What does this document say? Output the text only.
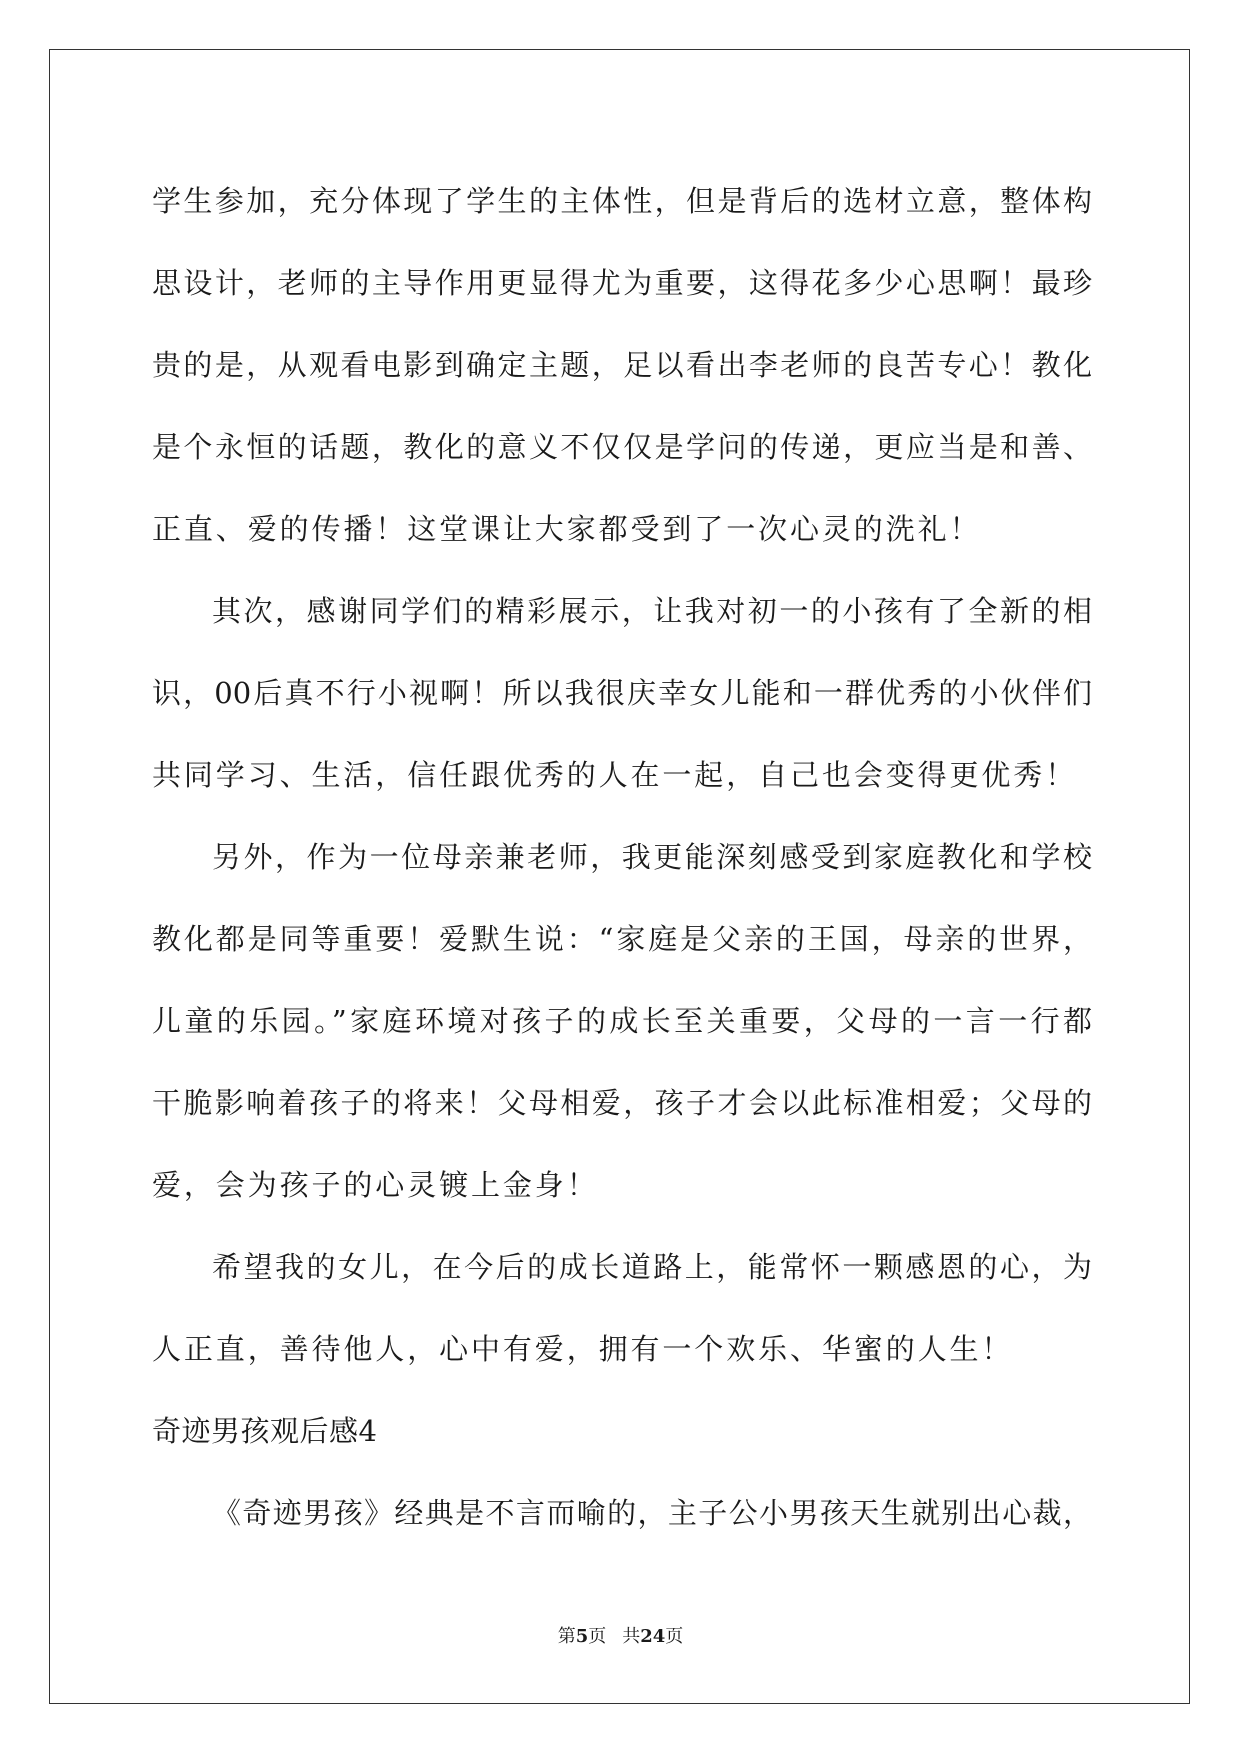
学生参加，充分体现了学生的主体性，但是背后的选材立意，整体构
思设计，老师的主导作用更显得尤为重要，这得花多少心思啊！最珍
贵的是，从观看电影到确定主题，足以看出李老师的良苦专心！教化
是个永恒的话题，教化的意义不仅仅是学问的传递，更应当是和善、
正直、爱的传播！这堂课让大家都受到了一次心灵的洗礼！
其次，感谢同学们的精彩展示，让我对初一的小孩有了全新的相
识，00后真不行小视啊！所以我很庆幸女儿能和一群优秀的小伙伴们
共同学习、生活，信任跟优秀的人在一起，自己也会变得更优秀！
另外，作为一位母亲兼老师，我更能深刻感受到家庭教化和学校
教化都是同等重要！爱默生说：“家庭是父亲的王国，母亲的世界，
儿童的乐园。”家庭环境对孩子的成长至关重要，父母的一言一行都
干脆影响着孩子的将来！父母相爱，孩子才会以此标准相爱；父母的
爱，会为孩子的心灵镀上金身！
希望我的女儿，在今后的成长道路上，能常怀一颗感恩的心，为
人正直，善待他人，心中有爱，拥有一个欢乐、华蜜的人生！
奇迹男孩观后感4
《奇迹男孩》经典是不言而喻的，主子公小男孩天生就别出心裁，
第5页 共24页
